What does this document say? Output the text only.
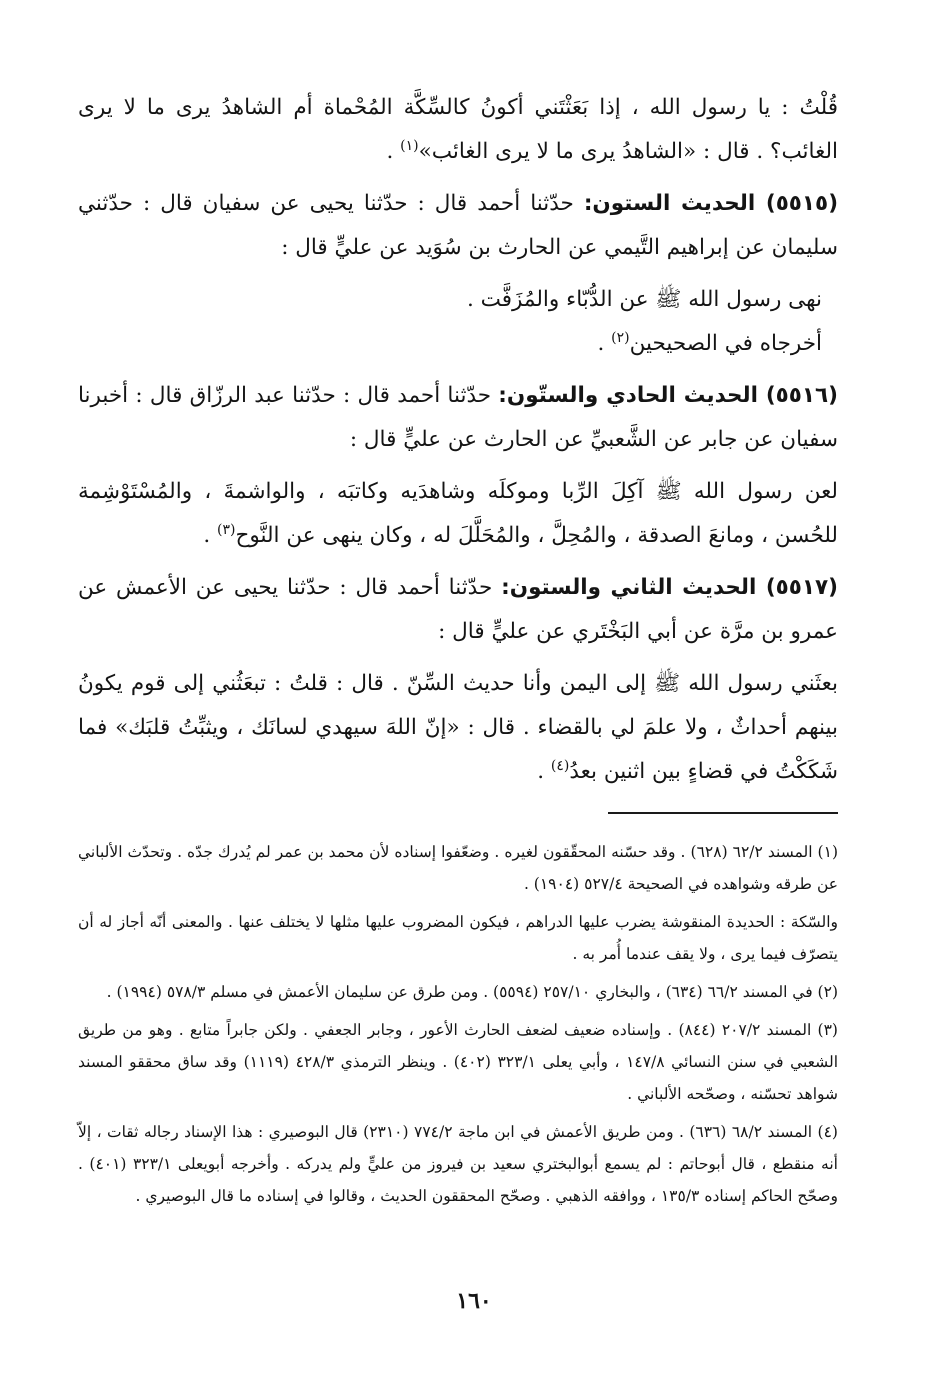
قُلْتُ : يا رسول الله ، إذا بَعَثْتَني أكونُ كالسِّكَّة المُحْماة أم الشاهدُ يرى ما لا يرى الغائب؟ . قال : «الشاهدُ يرى ما لا يرى الغائب»$^{(١)}$ .

(٥٥١٥) الحديث الستون: حدّثنا أحمد قال : حدّثنا يحيى عن سفيان قال : حدّثني سليمان عن إبراهيم التَّيمي عن الحارث بن سُوَيد عن عليٍّ قال :

نهى رسول الله ﷺ عن الدُّبّاء والمُزَفَّت .

أخرجاه في الصحيحين$^{(٢)}$ .

(٥٥١٦) الحديث الحادي والستّون: حدّثنا أحمد قال : حدّثنا عبد الرزّاق قال : أخبرنا سفيان عن جابر عن الشَّعبيِّ عن الحارث عن عليٍّ قال :

لعن رسول الله ﷺ آكِلَ الرِّبا وموكلَه وشاهدَيه وكاتبَه ، والواشمةَ ، والمُسْتَوْشِمة للحُسن ، ومانعَ الصدقة ، والمُحِلَّ ، والمُحَلَّلَ له ، وكان ينهى عن النَّوح$^{(٣)}$ .

(٥٥١٧) الحديث الثاني والستون: حدّثنا أحمد قال : حدّثنا يحيى عن الأعمش عن عمرو بن مرَّة عن أبي البَخْتَري عن عليٍّ قال :

بعثَني رسول الله ﷺ إلى اليمن وأنا حديث السِّنّ . قال : قلتُ : تبعَثُني إلى قوم يكونُ بينهم أحداثٌ ، ولا علمَ لي بالقضاء . قال : «إنّ اللهَ سيهدي لسانَك ، ويثبِّتُ قلبَك» فما شَكَكْتُ في قضاءٍ بين اثنين بعدُ$^{(٤)}$ .

(١) المسند ٦٢/٢ (٦٢٨) . وقد حسّنه المحقّقون لغيره . وضعّفوا إسناده لأن محمد بن عمر لم يُدرك جدّه . وتحدّث الألباني عن طرقه وشواهده في الصحيحة ٥٢٧/٤ (١٩٠٤) .

والسّكة : الحديدة المنقوشة يضرب عليها الدراهم ، فيكون المضروب عليها مثلها لا يختلف عنها . والمعنى أنّه أجاز له أن يتصرّف فيما يرى ، ولا يقف عندما أُمر به .

(٢) في المسند ٦٦/٢ (٦٣٤) ، والبخاري ٢٥٧/١٠ (٥٥٩٤) . ومن طرق عن سليمان الأعمش في مسلم ٥٧٨/٣ (١٩٩٤) .

(٣) المسند ٢٠٧/٢ (٨٤٤) . وإسناده ضعيف لضعف الحارث الأعور ، وجابر الجعفي . ولكن جابراً متابع . وهو من طريق الشعبي في سنن النسائي ١٤٧/٨ ، وأبي يعلى ٣٢٣/١ (٤٠٢) . وينظر الترمذي ٤٢٨/٣ (١١١٩) وقد ساق محققو المسند شواهد تحسّنه ، وصحّحه الألباني .

(٤) المسند ٦٨/٢ (٦٣٦) . ومن طريق الأعمش في ابن ماجة ٧٧٤/٢ (٢٣١٠) قال البوصيري : هذا الإسناد رجاله ثقات ، إلاّ أنه منقطع ، قال أبوحاتم : لم يسمع أبوالبختري سعيد بن فيروز من عليٍّ ولم يدركه . وأخرجه أبويعلى ٣٢٣/١ (٤٠١) . وصحّح الحاكم إسناده ١٣٥/٣ ، ووافقه الذهبي . وصحّح المحققون الحديث ، وقالوا في إسناده ما قال البوصيري .

١٦٠
